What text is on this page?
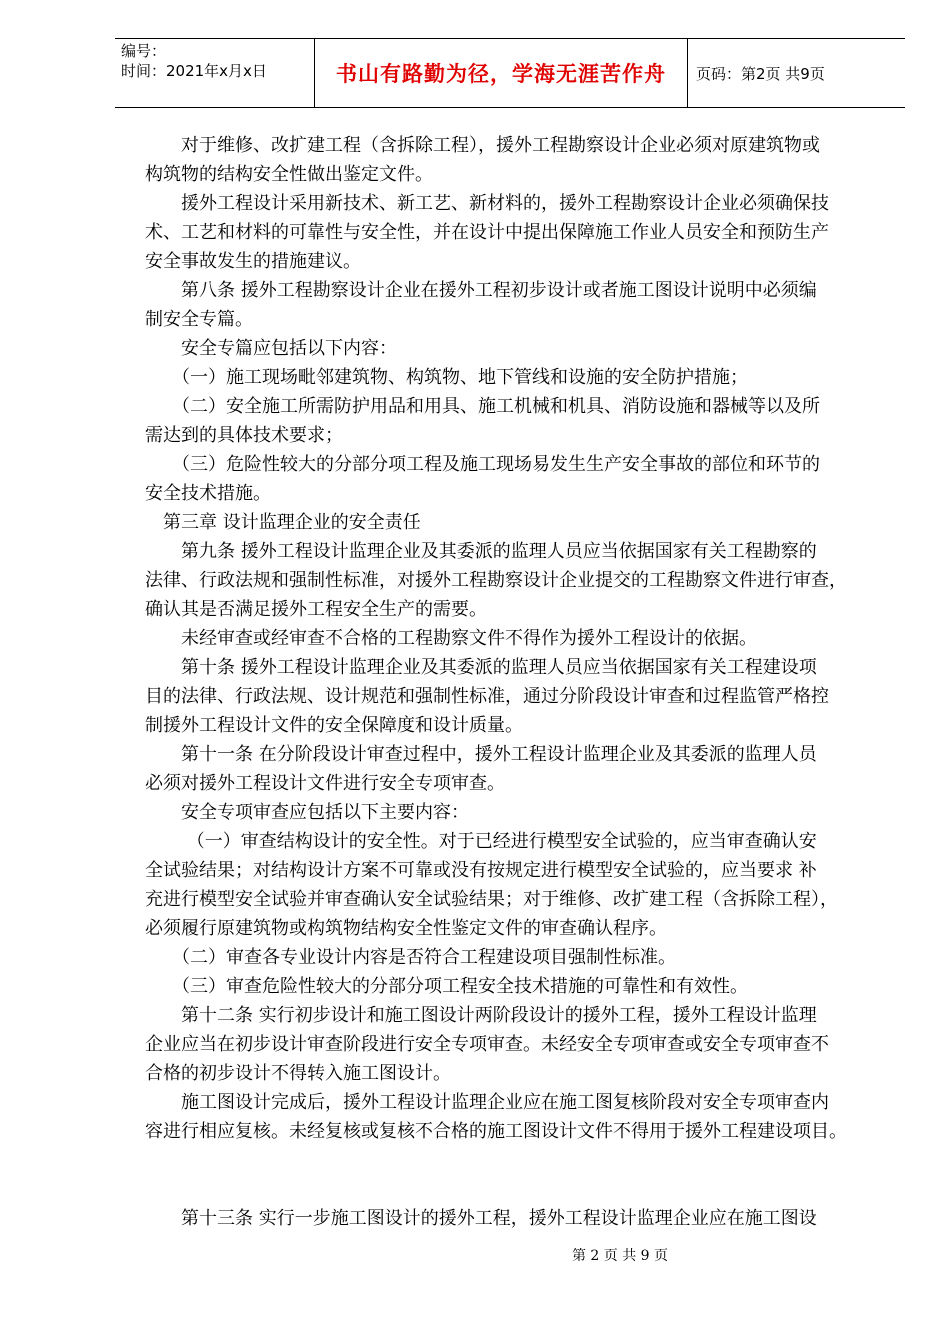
编号：
时间：2021年x月x日	书山有路勤为径，学海无涯苦作舟 页码：第2页 共9页
　　对于维修、改扩建工程（含拆除工程），援外工程勘察设计企业必须对原建筑物或
构筑物的结构安全性做出鉴定文件。
　　援外工程设计采用新技术、新工艺、新材料的，援外工程勘察设计企业必须确保技
术、工艺和材料的可靠性与安全性，并在设计中提出保障施工作业人员安全和预防生产
安全事故发生的措施建议。
　　第八条 援外工程勘察设计企业在援外工程初步设计或者施工图设计说明中必须编
制安全专篇。
　　安全专篇应包括以下内容：
　　（一）施工现场毗邻建筑物、构筑物、地下管线和设施的安全防护措施；
　　（二）安全施工所需防护用品和用具、施工机械和机具、消防设施和器械等以及所
需达到的具体技术要求；
　　（三）危险性较大的分部分项工程及施工现场易发生生产安全事故的部位和环节的
安全技术措施。
　第三章 设计监理企业的安全责任
　　第九条 援外工程设计监理企业及其委派的监理人员应当依据国家有关工程勘察的
法律、行政法规和强制性标准，对援外工程勘察设计企业提交的工程勘察文件进行审查，
确认其是否满足援外工程安全生产的需要。
　　未经审查或经审查不合格的工程勘察文件不得作为援外工程设计的依据。
　　第十条 援外工程设计监理企业及其委派的监理人员应当依据国家有关工程建设项
目的法律、行政法规、设计规范和强制性标准，通过分阶段设计审查和过程监管严格控
制援外工程设计文件的安全保障度和设计质量。
　　第十一条 在分阶段设计审查过程中，援外工程设计监理企业及其委派的监理人员
必须对援外工程设计文件进行安全专项审查。
　　安全专项审查应包括以下主要内容：
　　 （一）审查结构设计的安全性。对于已经进行模型安全试验的，应当审查确认安
全试验结果；对结构设计方案不可靠或没有按规定进行模型安全试验的，应当要求 补
充进行模型安全试验并审查确认安全试验结果；对于维修、改扩建工程（含拆除工程），
必须履行原建筑物或构筑物结构安全性鉴定文件的审查确认程序。
　　（二）审查各专业设计内容是否符合工程建设项目强制性标准。
　　（三）审查危险性较大的分部分项工程安全技术措施的可靠性和有效性。
　　第十二条 实行初步设计和施工图设计两阶段设计的援外工程，援外工程设计监理
企业应当在初步设计审查阶段进行安全专项审查。未经安全专项审查或安全专项审查不
合格的初步设计不得转入施工图设计。
　　施工图设计完成后，援外工程设计监理企业应在施工图复核阶段对安全专项审查内
容进行相应复核。未经复核或复核不合格的施工图设计文件不得用于援外工程建设项目。
　　第十三条 实行一步施工图设计的援外工程，援外工程设计监理企业应在施工图设
第 2 页 共 9 页
